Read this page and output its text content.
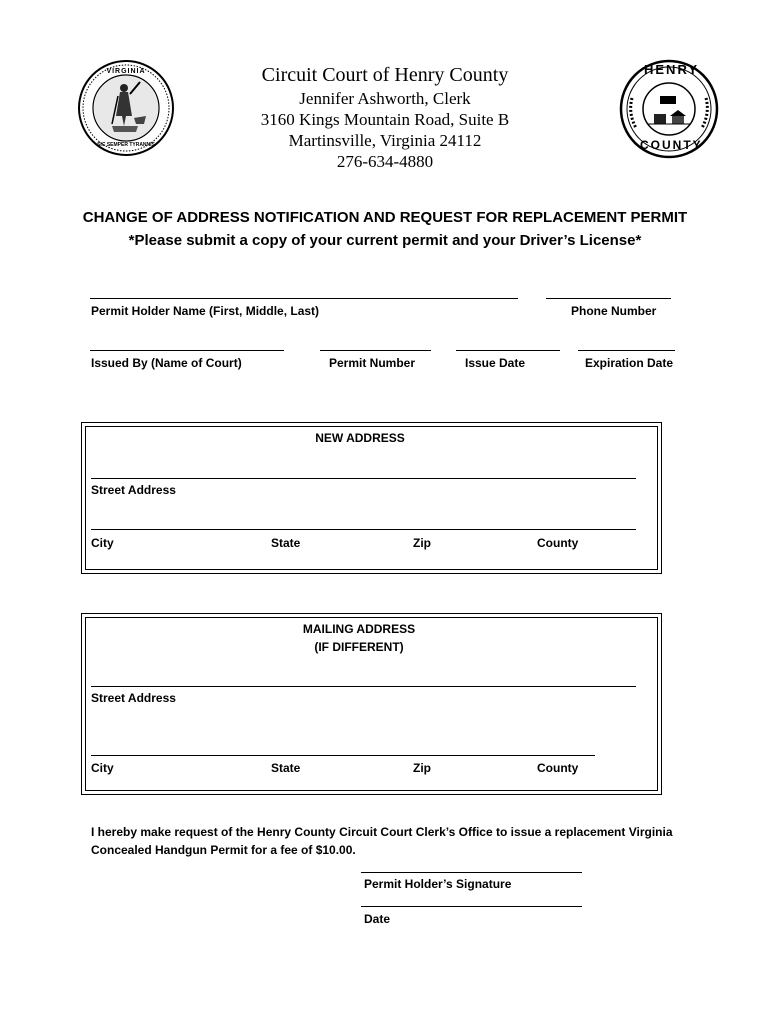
VIRGINIA
SIC SEMPER TYRANNIS
HENRY
COUNTY
Circuit Court of Henry County
Jennifer Ashworth, Clerk
3160 Kings Mountain Road, Suite B
Martinsville, Virginia 24112
276-634-4880
CHANGE OF ADDRESS NOTIFICATION AND REQUEST FOR REPLACEMENT PERMIT
*Please submit a copy of your current permit and your Driver’s License*
Permit Holder Name (First, Middle, Last)	Phone Number
Issued By (Name of Court)	Permit Number	Issue Date	Expiration Date
NEW ADDRESS
Street Address
City	State	Zip	County
MAILING ADDRESS
(IF DIFFERENT)
Street Address
City	State	Zip	County
I hereby make request of the Henry County Circuit Court Clerk’s Office to issue a replacement Virginia
Concealed Handgun Permit for a fee of $10.00.
Permit Holder’s Signature
Date
